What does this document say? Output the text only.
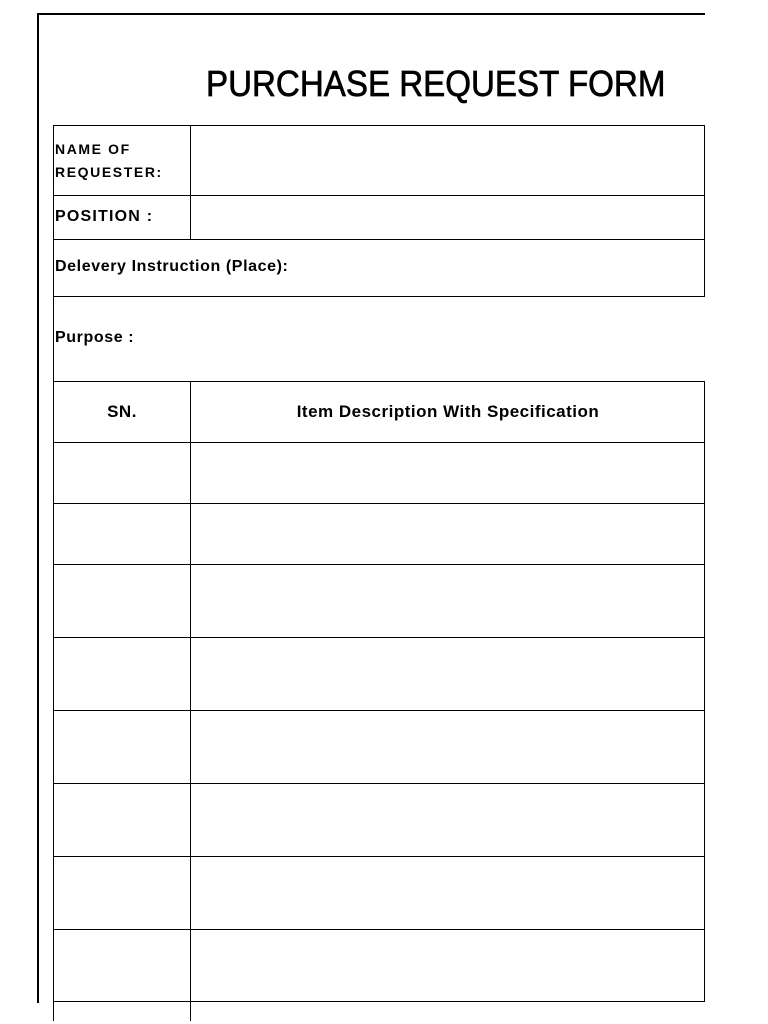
PURCHASE REQUEST FORM
NAME OF
REQUESTER:
POSITION :
Delevery Instruction (Place):
Purpose :
SN.	Item Description With Specification
